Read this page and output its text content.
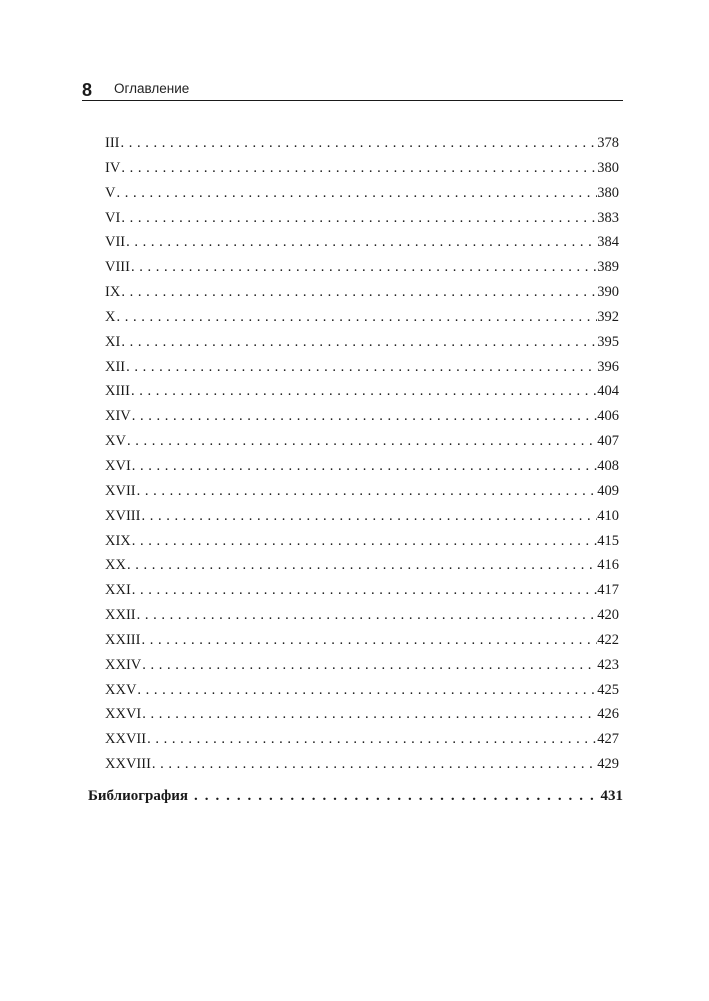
8 Оглавление
III . . .	378
IV . . .	380
V . . .	380
VI . . .	383
VII . . .	384
VIII . . .	389
IX . . .	390
X . . .	392
XI . . .	395
XII . . .	396
XIII . . .	404
XIV . . .	406
XV . . .	407
XVI . . .	408
XVII . . .	409
XVIII . . .	410
XIX . . .	415
XX . . .	416
XXI . . .	417
XXII . . .	420
XXIII . . .	422
XXIV . . .	423
XXV . . .	425
XXVI . . .	426
XXVII . . .	427
XXVIII . . .	429
Библиография . . .	431
